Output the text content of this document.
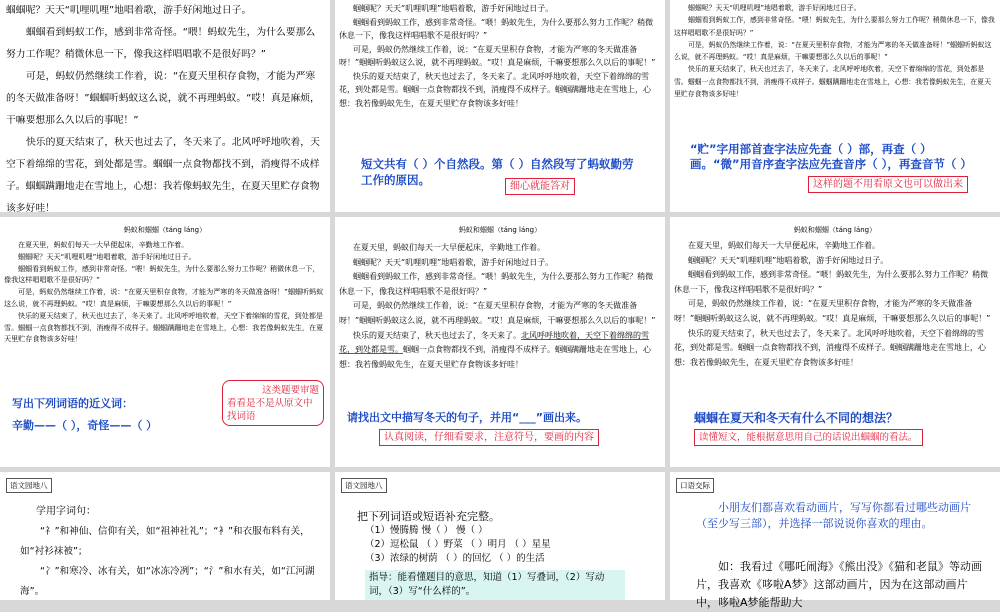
蝈蝈呢？天天“叽哩叽哩”地唱着歌，游手好闲地过日子。

蝈蝈看到蚂蚁工作，感到非常奇怪。“喂！蚂蚁先生，为什么要那么努力工作呢？稍微休息一下，像我这样唱唱歌不是很好吗？”

可是，蚂蚁仍然继续工作着，说：“在夏天里积存食物，才能为严寒的冬天做准备呀！”蝈蝈听蚂蚁这么说，就不再理蚂蚁。“哎！真是麻烦，干嘛要想那么久以后的事呢！”

快乐的夏天结束了，秋天也过去了，冬天来了。北风呼呼地吹着，天空下着绵绵的雪花，到处都是雪。蝈蝈一点食物都找不到，消瘦得不成样子。蝈蝈蹒跚地走在雪地上，心想：我若像蚂蚁先生，在夏天里贮存食物该多好哇！

蝈蝈呢？天天“叽哩叽哩”地唱着歌，游手好闲地过日子。

蝈蝈看到蚂蚁工作，感到非常奇怪。“喂！蚂蚁先生，为什么要那么努力工作呢？稍微休息一下，像我这样唱唱歌不是很好吗？”

可是，蚂蚁仍然继续工作着，说：“在夏天里积存食物，才能为严寒的冬天做准备呀！”蝈蝈听蚂蚁这么说，就不再理蚂蚁。“哎！真是麻烦，干嘛要想那么久以后的事呢！”

快乐的夏天结束了，秋天也过去了，冬天来了。北风呼呼地吹着，天空下着绵绵的雪花，到处都是雪。蝈蝈一点食物都找不到，消瘦得不成样子。蝈蝈蹒跚地走在雪地上，心想：我若像蚂蚁先生，在夏天里贮存食物该多好哇！

短文共有（ ）个自然段。第（ ）自然段写了蚂蚁勤劳工作的原因。	细心就能答对

蝈蝈呢？天天“叽哩叽哩”地唱着歌，游手好闲地过日子。

蝈蝈看到蚂蚁工作，感到非常奇怪。“喂！蚂蚁先生，为什么要那么努力工作呢？稍微休息一下，像我这样唱唱歌不是很好吗？”

可是，蚂蚁仍然继续工作着，说：“在夏天里积存食物，才能为严寒的冬天做准备呀！”蝈蝈听蚂蚁这么说，就不再理蚂蚁。“哎！真是麻烦，干嘛要想那么久以后的事呢！”

快乐的夏天结束了，秋天也过去了，冬天来了。北风呼呼地吹着，天空下着绵绵的雪花，到处都是雪。蝈蝈一点食物都找不到，消瘦得不成样子。蝈蝈蹒跚地走在雪地上，心想：我若像蚂蚁先生，在夏天里贮存食物该多好哇！

“贮”字用部首查字法应先查（ ）部，再查（ ）画。“微”用音序查字法应先查音序（ ），再查音节（ ）
这样的题不用看原文也可以做出来
蚂蚁和蝈蝈（táng láng）

在夏天里，蚂蚁们每天一大早便起床，辛勤地工作着。

蝈蝈呢？天天“叽哩叽哩”地唱着歌，游手好闲地过日子。

蝈蝈看到蚂蚁工作，感到非常奇怪。“喂！蚂蚁先生，为什么要那么努力工作呢？稍微休息一下，像我这样唱唱歌不是很好吗？”

可是，蚂蚁仍然继续工作着，说：“在夏天里积存食物，才能为严寒的冬天做准备呀！”蝈蝈听蚂蚁这么说，就不再理蚂蚁。“哎！真是麻烦，干嘛要想那么久以后的事呢！”

快乐的夏天结束了，秋天也过去了，冬天来了。北风呼呼地吹着，天空下着绵绵的雪花，到处都是雪。蝈蝈一点食物都找不到，消瘦得不成样子。蝈蝈蹒跚地走在雪地上，心想：我若像蚂蚁先生，在夏天里贮存食物该多好哇！

写出下列词语的近义词：
辛勤——（ ），奇怪——（ ）
这类题要审题
看看是不是从原文中找词语
蚂蚁和蝈蝈（táng láng）

在夏天里，蚂蚁们每天一大早便起床，辛勤地工作着。

蝈蝈呢？天天“叽哩叽哩”地唱着歌，游手好闲地过日子。

蝈蝈看到蚂蚁工作，感到非常奇怪。“喂！蚂蚁先生，为什么要那么努力工作呢？稍微休息一下，像我这样唱唱歌不是很好吗？”

可是，蚂蚁仍然继续工作着，说：“在夏天里积存食物，才能为严寒的冬天做准备呀！”蝈蝈听蚂蚁这么说，就不再理蚂蚁。“哎！真是麻烦，干嘛要想那么久以后的事呢！”

快乐的夏天结束了，秋天也过去了，冬天来了。北风呼呼地吹着，天空下着绵绵的雪花，到处都是雪。蝈蝈一点食物都找不到，消瘦得不成样子。蝈蝈蹒跚地走在雪地上，心想：我若像蚂蚁先生，在夏天里贮存食物该多好哇！

请找出文中描写冬天的句子，并用“___”画出来。
认真阅读，仔细看要求，注意符号，要画的内容
蚂蚁和蝈蝈（táng láng）

在夏天里，蚂蚁们每天一大早便起床，辛勤地工作着。

蝈蝈呢？天天“叽哩叽哩”地唱着歌，游手好闲地过日子。

蝈蝈看到蚂蚁工作，感到非常奇怪。“喂！蚂蚁先生，为什么要那么努力工作呢？稍微休息一下，像我这样唱唱歌不是很好吗？”

可是，蚂蚁仍然继续工作着，说：“在夏天里积存食物，才能为严寒的冬天做准备呀！”蝈蝈听蚂蚁这么说，就不再理蚂蚁。“哎！真是麻烦，干嘛要想那么久以后的事呢！”

快乐的夏天结束了，秋天也过去了，冬天来了。北风呼呼地吹着，天空下着绵绵的雪花，到处都是雪。蝈蝈一点食物都找不到，消瘦得不成样子。蝈蝈蹒跚地走在雪地上，心想：我若像蚂蚁先生，在夏天里贮存食物该多好哇！

蝈蝈在夏天和冬天有什么不同的想法？
读懂短文，能根据意思用自己的话说出蝈蝈的看法。
语文园地八
学用字词句：

“礻”和神仙、信仰有关，如“祖神社礼”；“衤”和衣服布料有关，如“衬衫袜被”；

“冫”和寒冷、冰有关，如“冰冻冷冽”；“氵”和水有关，如“江河湖海”。

语文园地八
把下列词语或短语补充完整。
（1）慢腾腾 慢（ ） 慢（ ）
（2）逗松鼠 （ ）野菜 （ ）明月 （ ）星星
（3）浓绿的树荫 （ ）的回忆 （ ）的生活
指导：能看懂题目的意思，知道（1）写叠词，（2）写动词，（3）写“什么样的”。
口语交际
小朋友们都喜欢看动画片，写写你都看过哪些动画片（至少写三部），并选择一部说说你喜欢的理由。
如：我看过《哪吒闹海》《熊出没》《猫和老鼠》等动画片，我喜欢《哆啦A梦》这部动画片，因为在这部动画片中，哆啦A梦能帮助大
